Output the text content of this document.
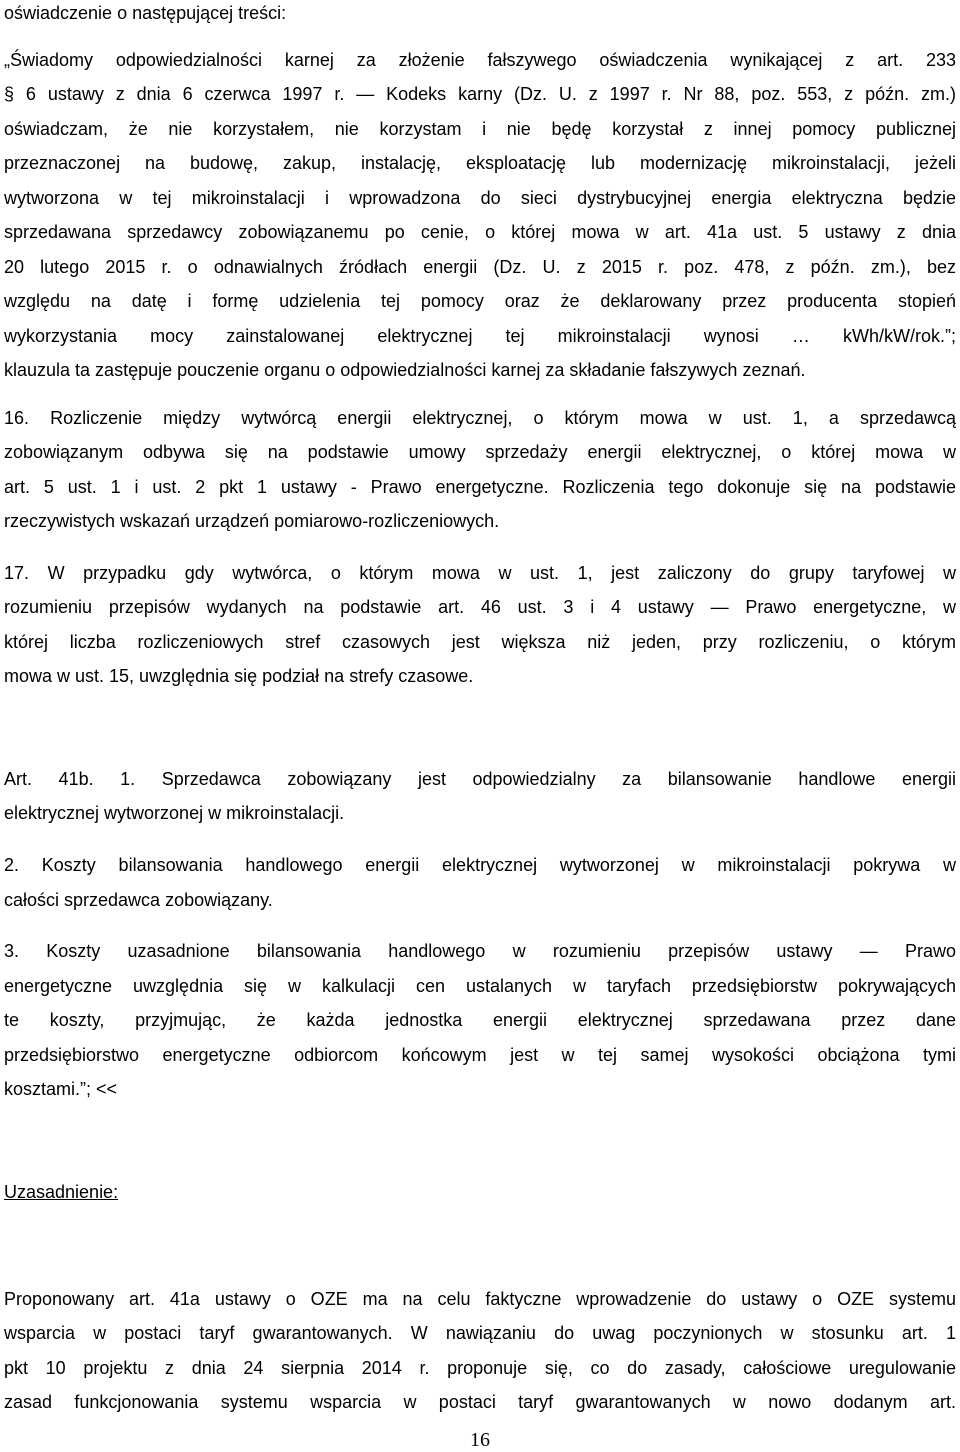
oświadczenie o następującej treści:
„Świadomy odpowiedzialności karnej za złożenie fałszywego oświadczenia wynikającej z art. 233
§ 6 ustawy z dnia 6 czerwca 1997 r. — Kodeks karny (Dz. U. z 1997 r. Nr 88, poz. 553, z późn. zm.)
oświadczam, że nie korzystałem, nie korzystam i nie będę korzystał z innej pomocy publicznej
przeznaczonej na budowę, zakup, instalację, eksploatację lub modernizację mikroinstalacji, jeżeli
wytworzona w tej mikroinstalacji i wprowadzona do sieci dystrybucyjnej energia elektryczna będzie
sprzedawana sprzedawcy zobowiązanemu po cenie, o której mowa w art. 41a ust. 5 ustawy z dnia
20 lutego 2015 r. o odnawialnych źródłach energii (Dz. U. z 2015 r. poz. 478, z późn. zm.), bez
względu na datę i formę udzielenia tej pomocy oraz że deklarowany przez producenta stopień
wykorzystania mocy zainstalowanej elektrycznej tej mikroinstalacji wynosi … kWh/kW/rok.”;
klauzula ta zastępuje pouczenie organu o odpowiedzialności karnej za składanie fałszywych zeznań.
16. Rozliczenie między wytwórcą energii elektrycznej, o którym mowa w ust. 1, a sprzedawcą
zobowiązanym odbywa się na podstawie umowy sprzedaży energii elektrycznej, o której mowa w
art. 5 ust. 1 i ust. 2 pkt 1 ustawy - Prawo energetyczne. Rozliczenia tego dokonuje się na podstawie
rzeczywistych wskazań urządzeń pomiarowo-rozliczeniowych.
17. W przypadku gdy wytwórca, o którym mowa w ust. 1, jest zaliczony do grupy taryfowej w
rozumieniu przepisów wydanych na podstawie art. 46 ust. 3 i 4 ustawy — Prawo energetyczne, w
której liczba rozliczeniowych stref czasowych jest większa niż jeden, przy rozliczeniu, o którym
mowa w ust. 15, uwzględnia się podział na strefy czasowe.
Art. 41b. 1. Sprzedawca zobowiązany jest odpowiedzialny za bilansowanie handlowe energii
elektrycznej wytworzonej w mikroinstalacji.
2. Koszty bilansowania handlowego energii elektrycznej wytworzonej w mikroinstalacji pokrywa w
całości sprzedawca zobowiązany.
3. Koszty uzasadnione bilansowania handlowego w rozumieniu przepisów ustawy — Prawo
energetyczne uwzględnia się w kalkulacji cen ustalanych w taryfach przedsiębiorstw pokrywających
te koszty, przyjmując, że każda jednostka energii elektrycznej sprzedawana przez dane
przedsiębiorstwo energetyczne odbiorcom końcowym jest w tej samej wysokości obciążona tymi
kosztami.”; <<
Uzasadnienie:
Proponowany art. 41a ustawy o OZE ma na celu faktyczne wprowadzenie do ustawy o OZE systemu
wsparcia w postaci taryf gwarantowanych. W nawiązaniu do uwag poczynionych w stosunku art. 1
pkt 10 projektu z dnia 24 sierpnia 2014 r. proponuje się, co do zasady, całościowe uregulowanie
zasad funkcjonowania systemu wsparcia w postaci taryf gwarantowanych w nowo dodanym art.
16
